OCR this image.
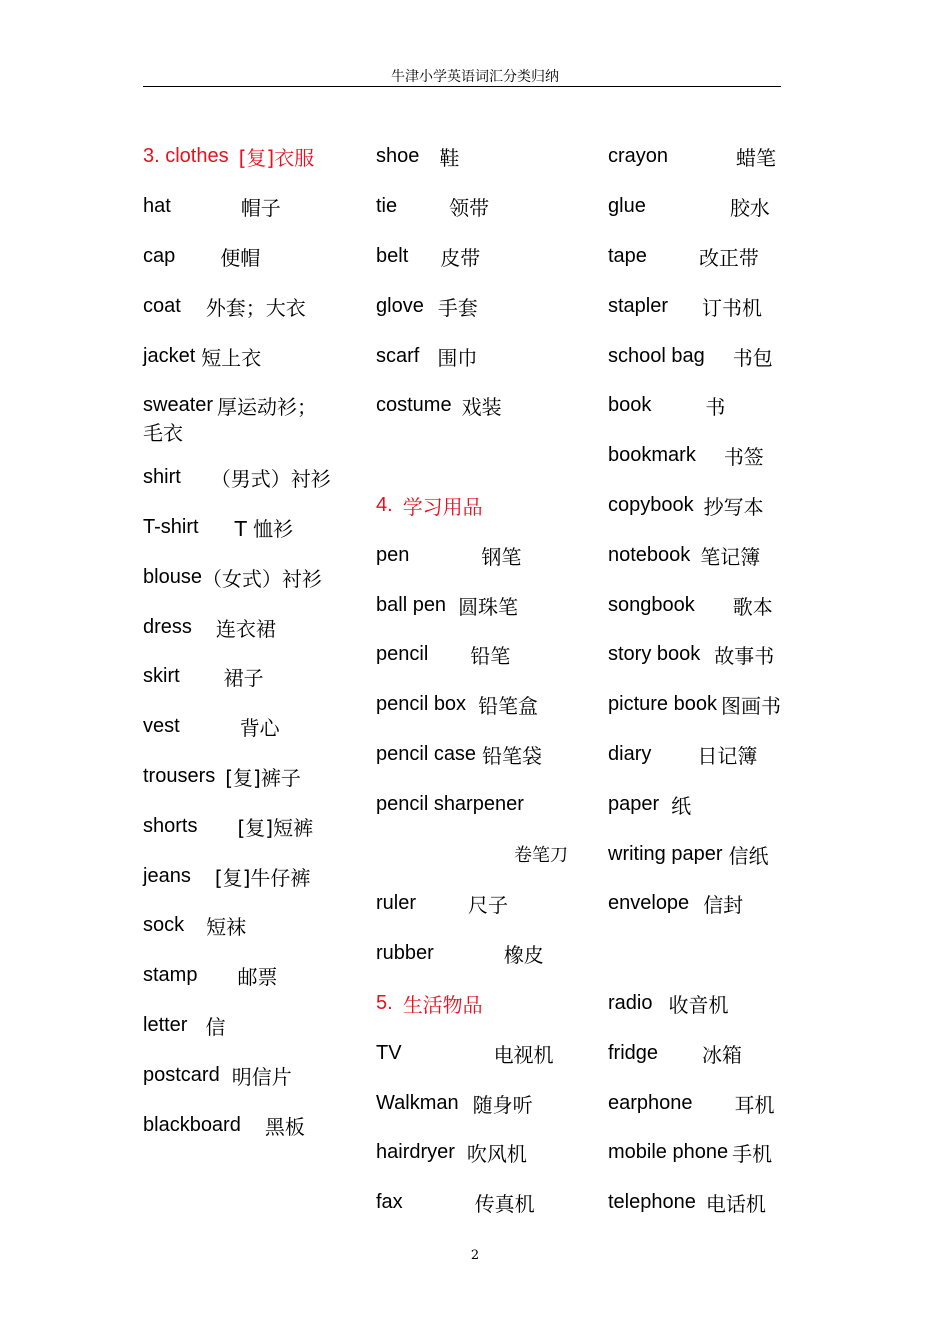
牛津小学英语词汇分类归纳
3. clothes [复]衣服
hat	帽子
cap 便帽
coat 外套；大衣
jacket 短上衣
sweater 厚运动衫；
毛衣
shirt （男式）衬衫
T-shirt T 恤衫
blouse （女式）衬衫
dress 连衣裙
skirt 裙子
vest	背心
trousers [复]裤子
shorts [复]短裤
jeans [复]牛仔裤
sock 短袜
stamp 邮票
letter 信
postcard 明信片
blackboard 黑板
shoe 鞋
tie	领带
belt 皮带
glove 手套
scarf 围巾
costume 戏装
4. 学习用品
pen	钢笔
ball pen 圆珠笔
pencil 铅笔
pencil box 铅笔盒
pencil case 铅笔袋
pencil sharpener
卷笔刀
ruler	尺子
rubber	橡皮
5. 生活物品
TV	电视机
Walkman 随身听
hairdryer 吹风机
fax	传真机
crayon	蜡笔
glue	胶水
tape	改正带
stapler 订书机
school bag 书包
book	书
bookmark 书签
copybook 抄写本
notebook 笔记簿
songbook 歌本
story book 故事书
picture book 图画书
diary 日记簿
paper 纸
writing paper 信纸
envelope 信封
radio 收音机
fridge 冰箱
earphone 耳机
mobile phone 手机
telephone 电话机
2
